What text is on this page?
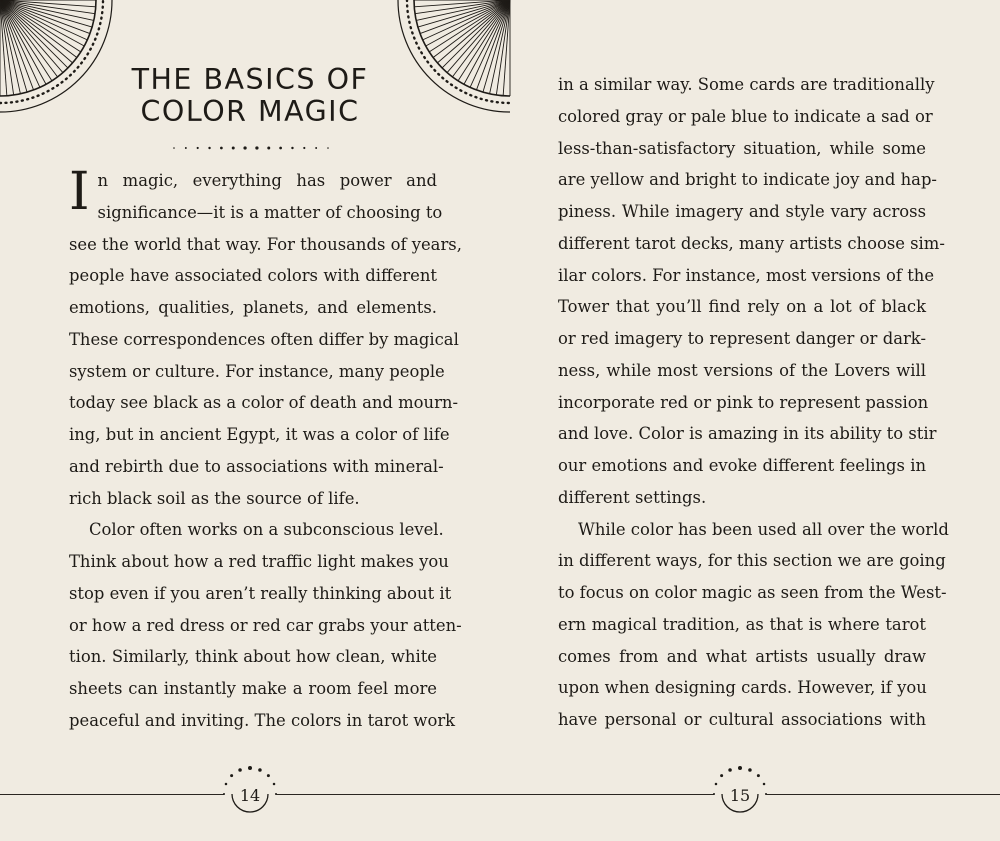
THE BASICS OF
COLOR MAGIC
I n magic, everything has power and
significance—it is a matter of choosing to
see the world that way. For thousands of years,
people have associated colors with different
emotions, qualities, planets, and elements.
These correspondences often differ by magical
system or culture. For instance, many people
today see black as a color of death and mourn-
ing, but in ancient Egypt, it was a color of life
and rebirth due to associations with mineral-
rich black soil as the source of life.
Color often works on a subconscious level.
Think about how a red traffic light makes you
stop even if you aren’t really thinking about it
or how a red dress or red car grabs your atten-
tion. Similarly, think about how clean, white
sheets can instantly make a room feel more
peaceful and inviting. The colors in tarot work
14
in a similar way. Some cards are traditionally
colored gray or pale blue to indicate a sad or
less-than-satisfactory situation, while some
are yellow and bright to indicate joy and hap-
piness. While imagery and style vary across
different tarot decks, many artists choose sim-
ilar colors. For instance, most versions of the
Tower that you’ll find rely on a lot of black
or red imagery to represent danger or dark-
ness, while most versions of the Lovers will
incorporate red or pink to represent passion
and love. Color is amazing in its ability to stir
our emotions and evoke different feelings in
different settings.
While color has been used all over the world
in different ways, for this section we are going
to focus on color magic as seen from the West-
ern magical tradition, as that is where tarot
comes from and what artists usually draw
upon when designing cards. However, if you
have personal or cultural associations with
15
